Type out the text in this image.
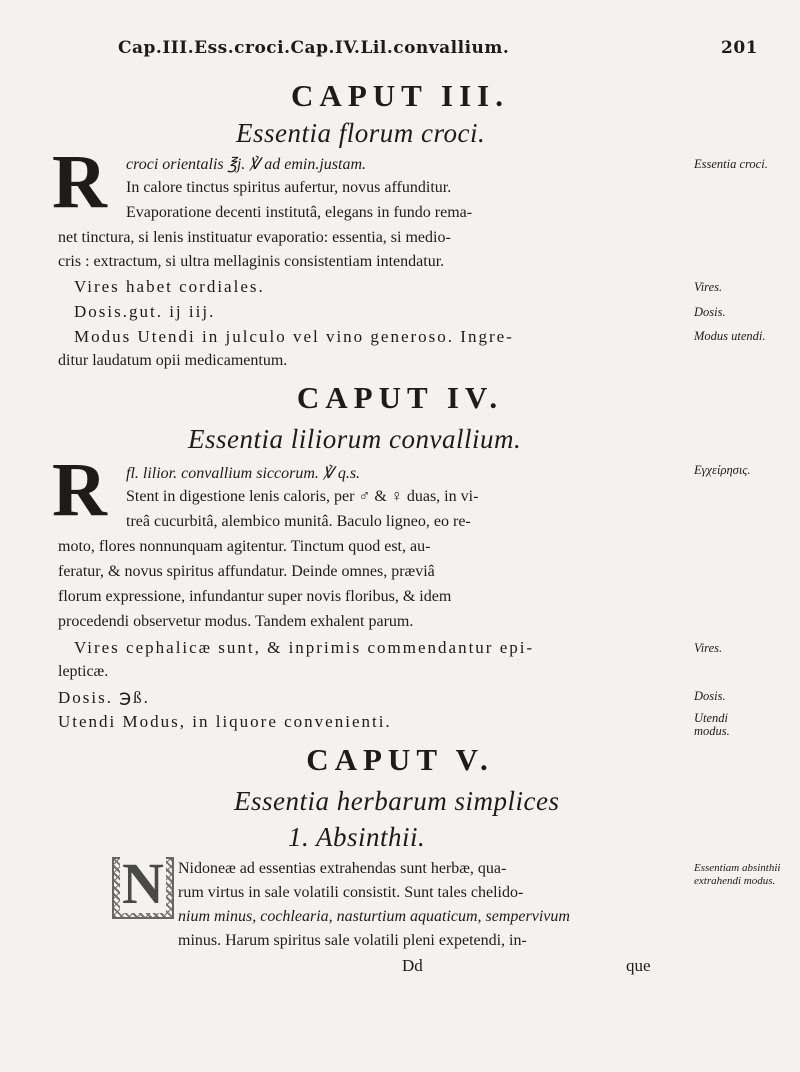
Cap.III.Ess.croci.Cap.IV.Lil.convallium.	201
CAPUT III.
Essentia florum croci.
R croci orientalis ℥j. ℣ ad emin.justam.
In calore tinctus spiritus aufertur, novus affunditur.
Evaporatione decenti institutâ, elegans in fundo rema-
net tinctura, si lenis instituatur evaporatio: essentia, si medio-
cris : extractum, si ultra mellaginis consistentiam intendatur.
Vires habet cordiales.
Dosis.gut. ij iij.
Modus Utendi in julculo vel vino generoso. Ingre-
ditur laudatum opii medicamentum.
Essentia croci.
Vires.
Dosis.
Modus utendi.
CAPUT IV.
Essentia liliorum convallium.
R fl. lilior. convallium siccorum. ℣ q.s.
Stent in digestione lenis caloris, per ♂ & ♀ duas, in vi-
treâ cucurbitâ, alembico munitâ. Baculo ligneo, eo re-
moto, flores nonnunquam agitentur. Tinctum quod est, au-
feratur, & novus spiritus affundatur. Deinde omnes, præviâ
florum expressione, infundantur super novis floribus, & idem
procedendi observetur modus. Tandem exhalent parum.
Vires cephalicæ sunt, & inprimis commendantur epi-
lepticæ.
Dosis. ℈ß.
Utendi Modus, in liquore convenienti.
Εγχείρησις.
Vires.
Dosis.
Utendi modus.
CAPUT V.
Essentia herbarum simplices
1. Absinthii.
N Nidoneæ ad essentias extrahendas sunt herbæ, qua-
rum virtus in sale volatili consistit. Sunt tales chelido-
nium minus, cochlearia, nasturtium aquaticum, sempervivum
minus. Harum spiritus sale volatili pleni expetendi, in-
Dd	que
Essentiam absinthii extrahendi modus.
